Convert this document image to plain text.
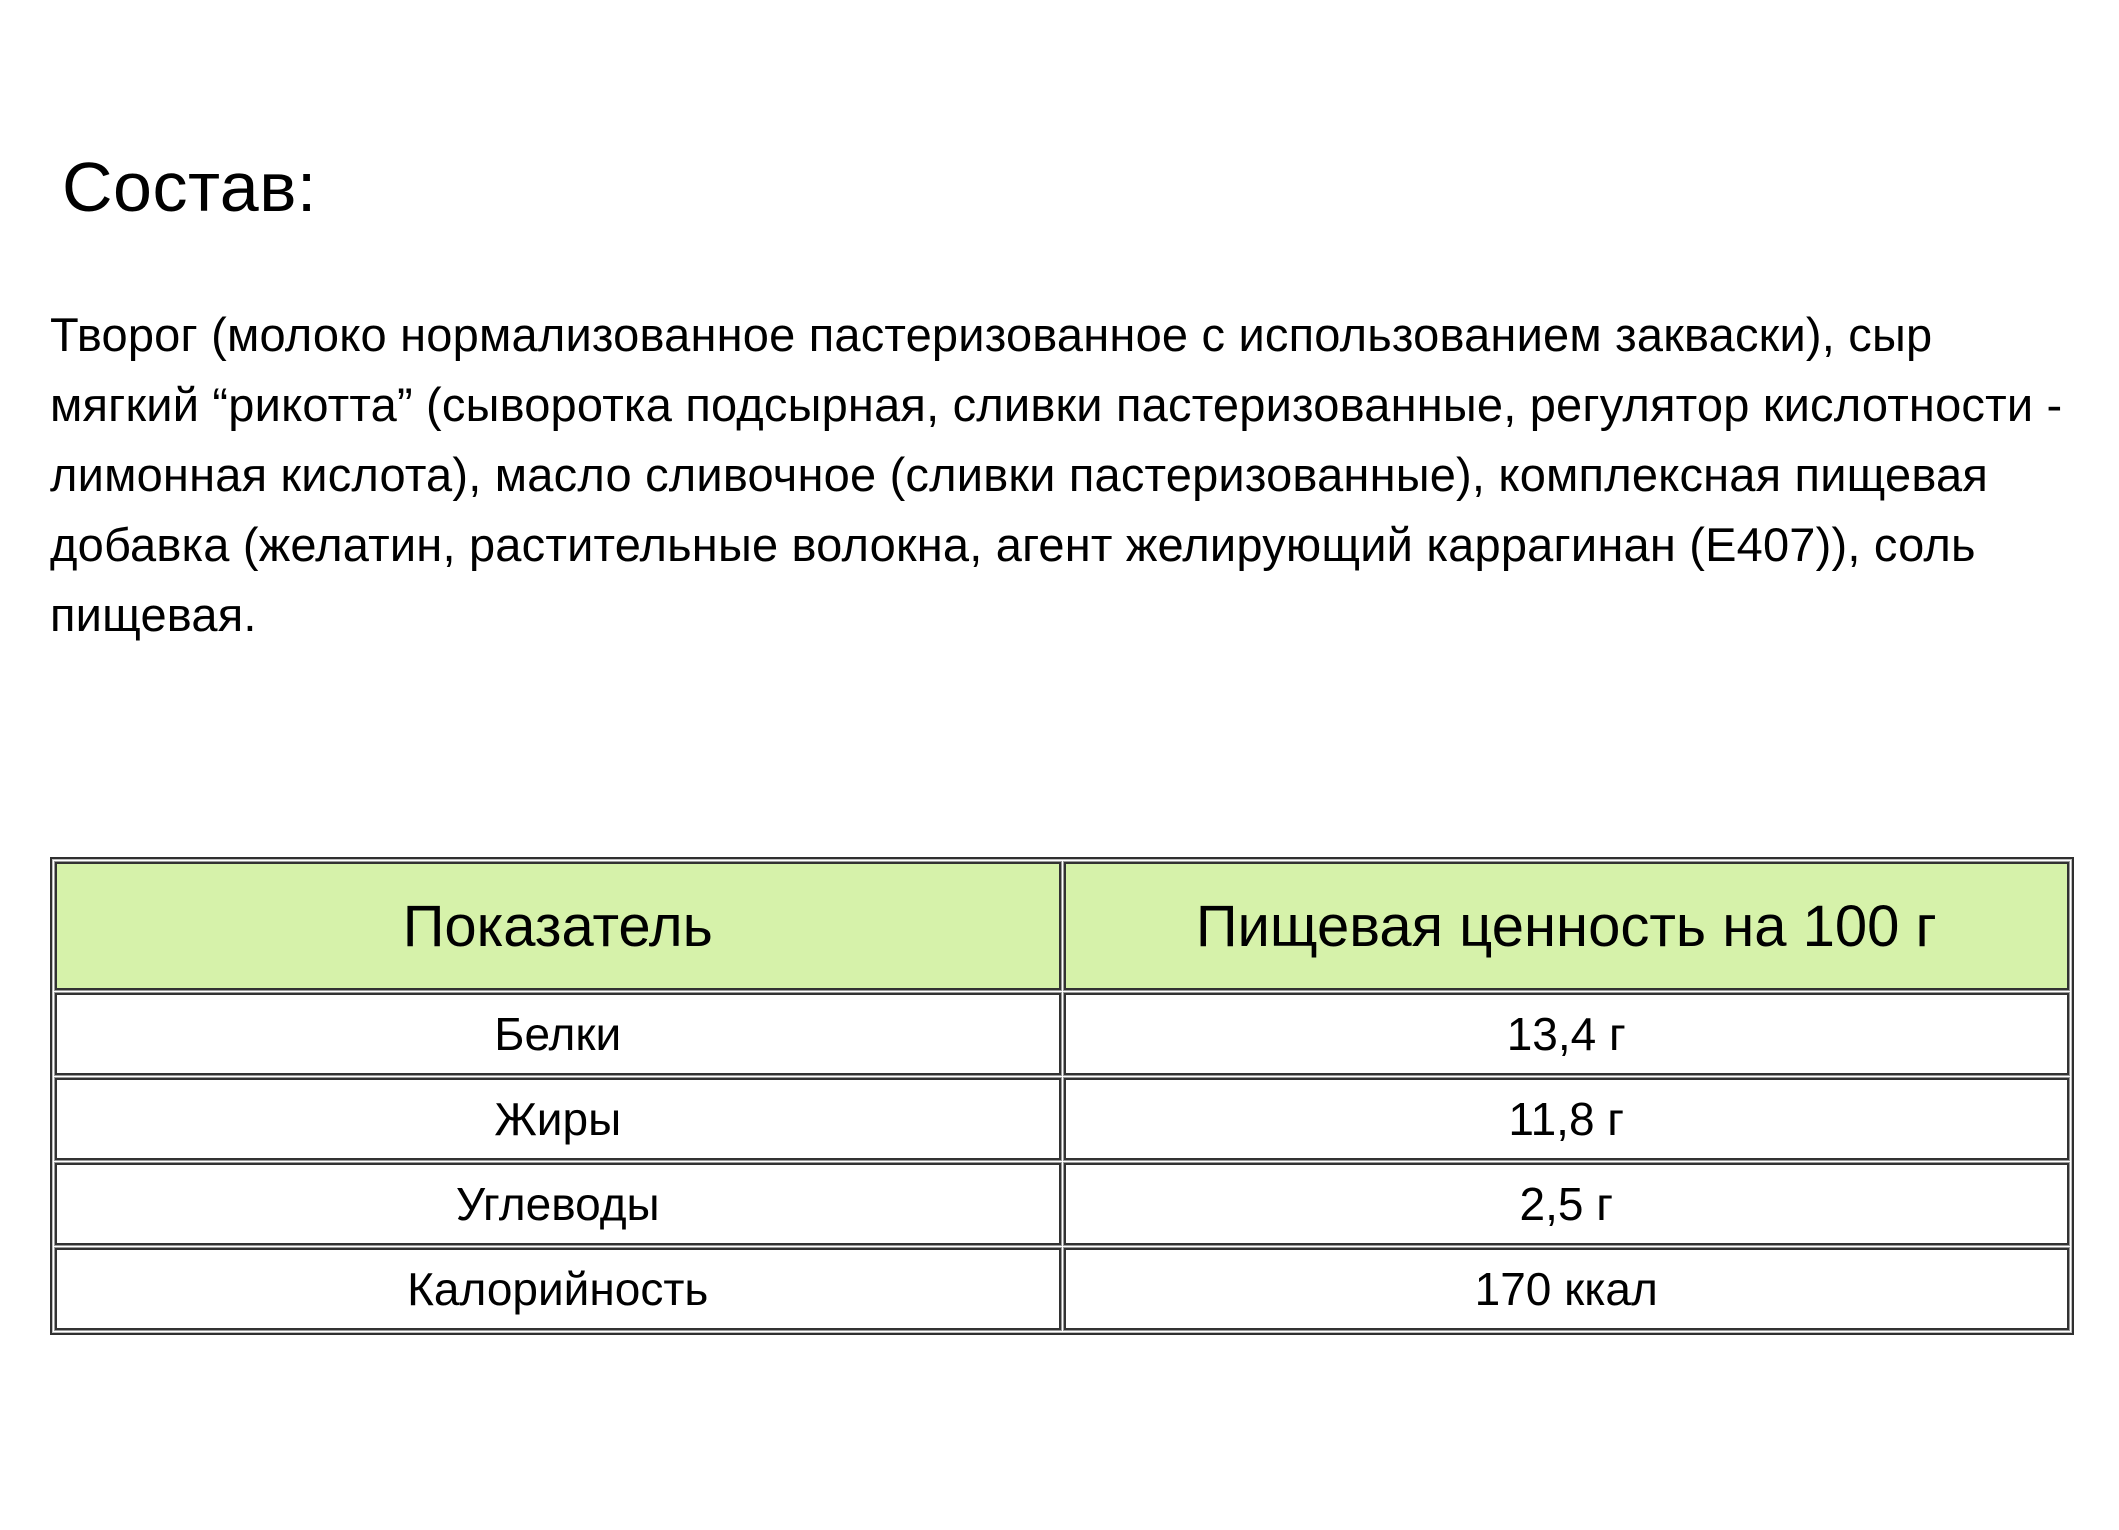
Состав:

Творог (молоко нормализованное пастеризованное с использованием закваски), сыр мягкий “рикотта” (сыворотка подсырная, сливки пастеризованные, регулятор кислотности - лимонная кислота), масло сливочное (сливки пастеризованные), комплексная пищевая добавка (желатин, растительные волокна, агент желирующий каррагинан (Е407)), соль пищевая.

Показатель	Пищевая ценность на 100 г
Белки	13,4 г
Жиры	11,8 г
Углеводы	2,5 г
Калорийность	170 ккал
